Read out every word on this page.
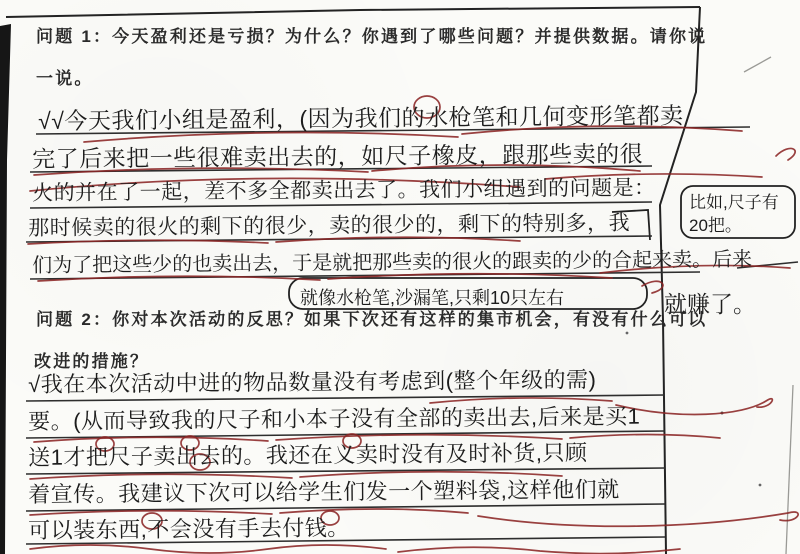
问题 1：今天盈利还是亏损？为什么？你遇到了哪些问题？并提供数据。请你说
一说。
√√今天我们小组是盈利，(因为我们的水枪笔和几何变形笔都卖
完了后来把一些很难卖出去的，如尺子橡皮，跟那些卖的很
火的并在了一起，差不多全都卖出去了。我们小组遇到的问题是：
那时候卖的很火的剩下的很少，卖的很少的，剩下的特别多，我
们为了把这些少的也卖出去，于是就把那些卖的很火的跟卖的少的合起来卖。后来
就像水枪笔,沙漏笔,只剩10只左右
比如,尺子有20把。
就赚了。
问题 2：你对本次活动的反思？如果下次还有这样的集市机会，有没有什么可以
改进的措施？
√我在本次活动中进的物品数量没有考虑到(整个年级的需)
要。(从而导致我的尺子和小本子没有全部的卖出去,后来是买1
送1才把尺子卖出去的。我还在义卖时没有及时补货,只顾
着宣传。我建议下次可以给学生们发一个塑料袋,这样他们就
可以装东西,不会没有手去付钱。
